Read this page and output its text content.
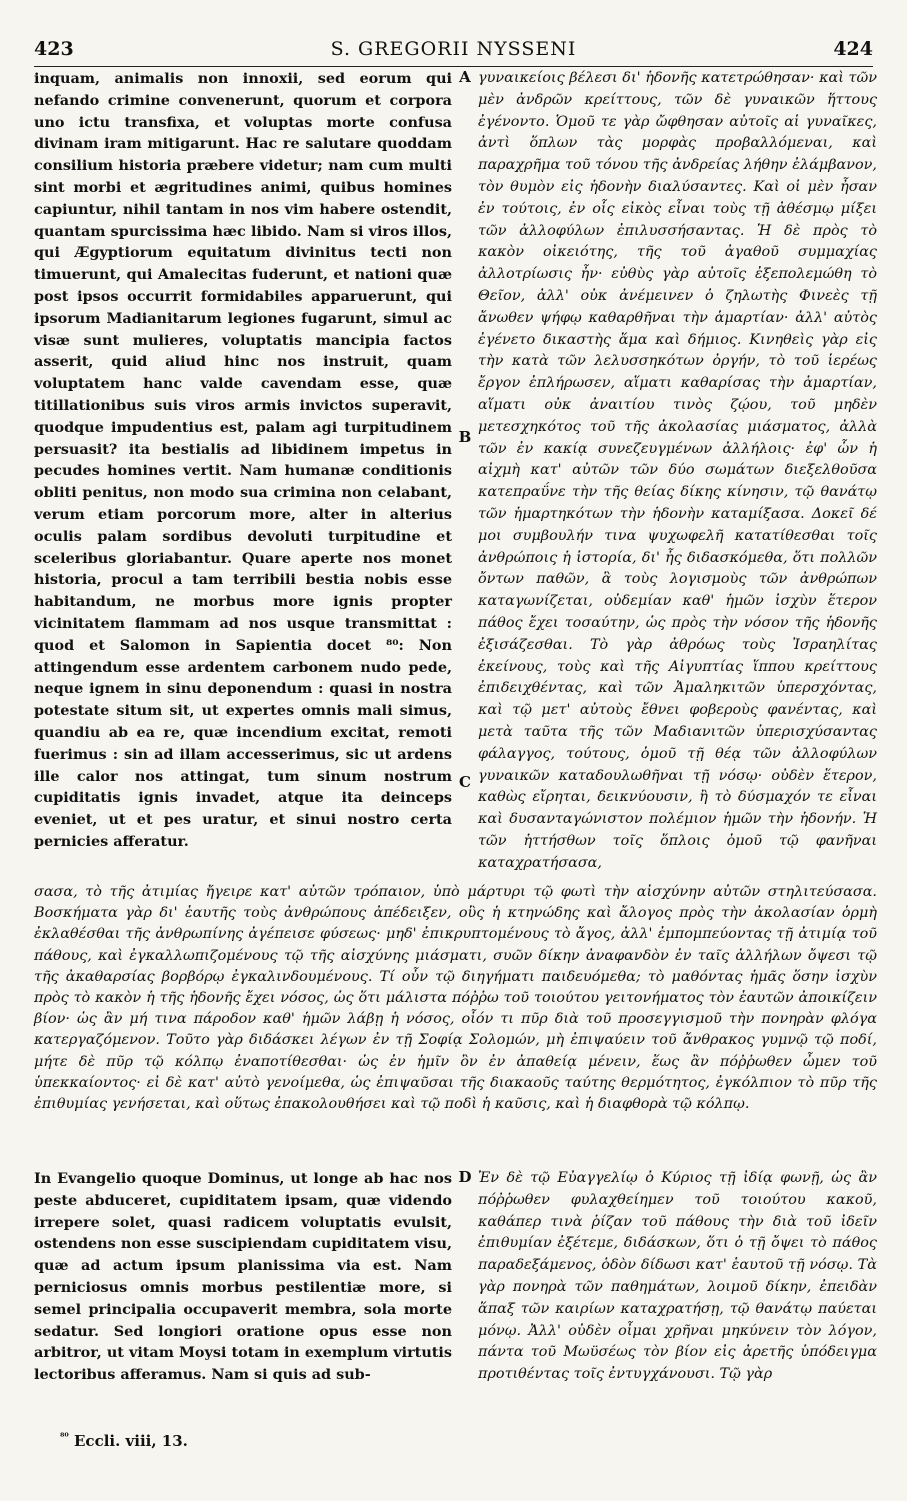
423	S. GREGORII NYSSENI	424
inquam, animalis non innoxii, sed eorum qui nefando crimine convenerunt, quorum et corpora uno ictu transfixa, et voluptas morte confusa divinam iram mitigarunt. Hac re salutare quoddam consilium historia præbere videtur; nam cum multi sint morbi et ægritudines animi, quibus homines capiuntur, nihil tantam in nos vim habere ostendit, quantam spurcissima hæc libido. Nam si viros illos, qui Ægyptiorum equitatum divinitus tecti non timuerunt, qui Amalecitas fuderunt, et nationi quæ post ipsos occurrit formidabiles apparuerunt, qui ipsorum Madianitarum legiones fugarunt, simul ac visæ sunt mulieres, voluptatis mancipia factos asserit, quid aliud hinc nos instruit, quam voluptatem hanc valde cavendam esse, quæ titillationibus suis viros armis invictos superavit, quodque impudentius est, palam agi turpitudinem persuasit? ita bestialis ad libidinem impetus in pecudes homines vertit. Nam humanæ conditionis obliti penitus, non modo sua crimina non celabant, verum etiam porcorum more, alter in alterius oculis palam sordibus devoluti turpitudine et sceleribus gloriabantur. Quare aperte nos monet historia, procul a tam terribili bestia nobis esse habitandum, ne morbus more ignis propter vicinitatem flammam ad nos usque transmittat : quod et Salomon in Sapientia docet ⁸⁰: Non attingendum esse ardentem carbonem nudo pede, neque ignem in sinu deponendum : quasi in nostra potestate situm sit, ut expertes omnis mali simus, quandiu ab ea re, quæ incendium excitat, remoti fuerimus : sin ad illam accesserimus, sic ut ardens ille calor nos attingat, tum sinum nostrum cupiditatis ignis invadet, atque ita deinceps eveniet, ut et pes uratur, et sinui nostro certa pernicies afferatur.
A
B
C
γυναικείοις βέλεσι δι' ἡδονῆς κατετρώθησαν· καὶ τῶν μὲν ἀνδρῶν κρείττους, τῶν δὲ γυναικῶν ἥττους ἐγένοντο. Ὁμοῦ τε γὰρ ὤφθησαν αὐτοῖς αἱ γυναῖκες, ἀντὶ ὅπλων τὰς μορφὰς προβαλλόμεναι, καὶ παραχρῆμα τοῦ τόνου τῆς ἀνδρείας λήθην ἐλάμβανον, τὸν θυμὸν εἰς ἡδονὴν διαλύσαντες. Καὶ οἱ μὲν ἦσαν ἐν τούτοις, ἐν οἷς εἰκὸς εἶναι τοὺς τῇ ἀθέσμῳ μίξει τῶν ἀλλοφύλων ἐπιλυσσήσαντας. Ἡ δὲ πρὸς τὸ κακὸν οἰκειότης, τῆς τοῦ ἀγαθοῦ συμμαχίας ἀλλοτρίωσις ἦν· εὐθὺς γὰρ αὐτοῖς ἐξεπολεμώθη τὸ Θεῖον, ἀλλ' οὐκ ἀνέμεινεν ὁ ζηλωτὴς Φινεὲς τῇ ἄνωθεν ψήφῳ καθαρθῆναι τὴν ἁμαρτίαν· ἀλλ' αὐτὸς ἐγένετο δικαστὴς ἅμα καὶ δήμιος. Κινηθεὶς γὰρ εἰς τὴν κατὰ τῶν λελυσσηκότων ὀργήν, τὸ τοῦ ἱερέως ἔργον ἐπλήρωσεν, αἵματι καθαρίσας τὴν ἁμαρτίαν, αἵματι οὐκ ἀναιτίου τινὸς ζῴου, τοῦ μηδὲν μετεσχηκότος τοῦ τῆς ἀκολασίας μιάσματος, ἀλλὰ τῶν ἐν κακίᾳ συνεζευγμένων ἀλλήλοις· ἐφ' ὧν ἡ αἰχμὴ κατ' αὐτῶν τῶν δύο σωμάτων διεξελθοῦσα κατεπραΰνε τὴν τῆς θείας δίκης κίνησιν, τῷ θανάτῳ τῶν ἡμαρτηκότων τὴν ἡδονὴν καταμίξασα. Δοκεῖ δέ μοι συμβουλήν τινα ψυχωφελῆ κατατίθεσθαι τοῖς ἀνθρώποις ἡ ἱστορία, δι' ἧς διδασκόμεθα, ὅτι πολλῶν ὄντων παθῶν, ἃ τοὺς λογισμοὺς τῶν ἀνθρώπων καταγωνίζεται, οὐδεμίαν καθ' ἡμῶν ἰσχὺν ἕτερον πάθος ἔχει τοσαύτην, ὡς πρὸς τὴν νόσον τῆς ἡδονῆς ἐξισάζεσθαι. Τὸ γὰρ ἀθρόως τοὺς Ἰσραηλίτας ἐκείνους, τοὺς καὶ τῆς Αἰγυπτίας ἵππου κρείττους ἐπιδειχθέντας, καὶ τῶν Ἀμαληκιτῶν ὑπερσχόντας, καὶ τῷ μετ' αὐτοὺς ἔθνει φοβεροὺς φανέντας, καὶ μετὰ ταῦτα τῆς τῶν Μαδιανιτῶν ὑπερισχύσαντας φάλαγγος, τούτους, ὁμοῦ τῇ θέᾳ τῶν ἀλλοφύλων γυναικῶν καταδουλωθῆναι τῇ νόσῳ· οὐδὲν ἕτερον, καθὼς εἴρηται, δεικνύουσιν, ἢ τὸ δύσμαχόν τε εἶναι καὶ δυσανταγώνιστον πολέμιον ἡμῶν τὴν ἡδονήν. Ἡ τῶν ἡττήσθων τοῖς ὅπλοις ὁμοῦ τῷ φανῆναι καταχρατήσασα,
σασα, τὸ τῆς ἀτιμίας ἤγειρε κατ' αὐτῶν τρόπαιον, ὑπὸ μάρτυρι τῷ φωτὶ τὴν αἰσχύνην αὐτῶν στηλιτεύσασα. Βοσκήματα γὰρ δι' ἑαυτῆς τοὺς ἀνθρώπους ἀπέδειξεν, οὓς ἡ κτηνώδης καὶ ἄλογος πρὸς τὴν ἀκολασίαν ὁρμὴ ἐκλαθέσθαι τῆς ἀνθρωπίνης ἀγέπεισε φύσεως· μηδ' ἐπικρυπτομένους τὸ ἄγος, ἀλλ' ἐμπομπεύοντας τῇ ἀτιμίᾳ τοῦ πάθους, καὶ ἐγκαλλωπιζομένους τῷ τῆς αἰσχύνης μιάσματι, συῶν δίκην ἀναφανδὸν ἐν ταῖς ἀλλήλων ὄψεσι τῷ τῆς ἀκαθαρσίας βορβόρῳ ἐγκαλινδουμένους. Τί οὖν τῷ διηγήματι παιδευόμεθα; τὸ μαθόντας ἡμᾶς ὅσην ἰσχὺν πρὸς τὸ κακὸν ἡ τῆς ἡδονῆς ἔχει νόσος, ὡς ὅτι μάλιστα πόῤῥω τοῦ τοιούτου γειτονήματος τὸν ἑαυτῶν ἀποικίζειν βίον· ὡς ἂν μή τινα πάροδον καθ' ἡμῶν λάβῃ ἡ νόσος, οἷόν τι πῦρ διὰ τοῦ προσεγγισμοῦ τὴν πονηρὰν φλόγα κατεργαζόμενον. Τοῦτο γὰρ διδάσκει λέγων ἐν τῇ Σοφίᾳ Σολομών, μὴ ἐπιψαύειν τοῦ ἄνθρακος γυμνῷ τῷ ποδί, μήτε δὲ πῦρ τῷ κόλπῳ ἐναποτίθεσθαι· ὡς ἐν ἡμῖν ὂν ἐν ἀπαθείᾳ μένειν, ἕως ἂν πόῤῥωθεν ὦμεν τοῦ ὑπεκκαίοντος· εἰ δὲ κατ' αὐτὸ γενοίμεθα, ὡς ἐπιψαῦσαι τῆς διακαοῦς ταύτης θερμότητος, ἐγκόλπιον τὸ πῦρ τῆς ἐπιθυμίας γενήσεται, καὶ οὕτως ἐπακολουθήσει καὶ τῷ ποδὶ ἡ καῦσις, καὶ ἡ διαφθορὰ τῷ κόλπῳ.
In Evangelio quoque Dominus, ut longe ab hac nos peste abduceret, cupiditatem ipsam, quæ videndo irrepere solet, quasi radicem voluptatis evulsit, ostendens non esse suscipiendam cupiditatem visu, quæ ad actum ipsum planissima via est. Nam perniciosus omnis morbus pestilentiæ more, si semel principalia occupaverit membra, sola morte sedatur. Sed longiori oratione opus esse non arbitror, ut vitam Moysi totam in exemplum virtutis lectoribus afferamus. Nam si quis ad sub-
D Ἐν δὲ τῷ Εὐαγγελίῳ ὁ Κύριος τῇ ἰδίᾳ φωνῇ, ὡς ἂν πόῤῥωθεν φυλαχθείημεν τοῦ τοιούτου κακοῦ, καθάπερ τινὰ ῥίζαν τοῦ πάθους τὴν διὰ τοῦ ἰδεῖν ἐπιθυμίαν ἐξέτεμε, διδάσκων, ὅτι ὁ τῇ ὄψει τὸ πάθος παραδεξάμενος, ὁδὸν δίδωσι κατ' ἑαυτοῦ τῇ νόσῳ. Τὰ γὰρ πονηρὰ τῶν παθημάτων, λοιμοῦ δίκην, ἐπειδὰν ἅπαξ τῶν καιρίων καταχρατήσῃ, τῷ θανάτῳ παύεται μόνῳ. Ἀλλ' οὐδὲν οἶμαι χρῆναι μηκύνειν τὸν λόγον, πάντα τοῦ Μωϋσέως τὸν βίον εἰς ἀρετῆς ὑπόδειγμα προτιθέντας τοῖς ἐντυγχάνουσι. Τῷ γὰρ
$^{^{80}}$ Eccli. viii, 13.
